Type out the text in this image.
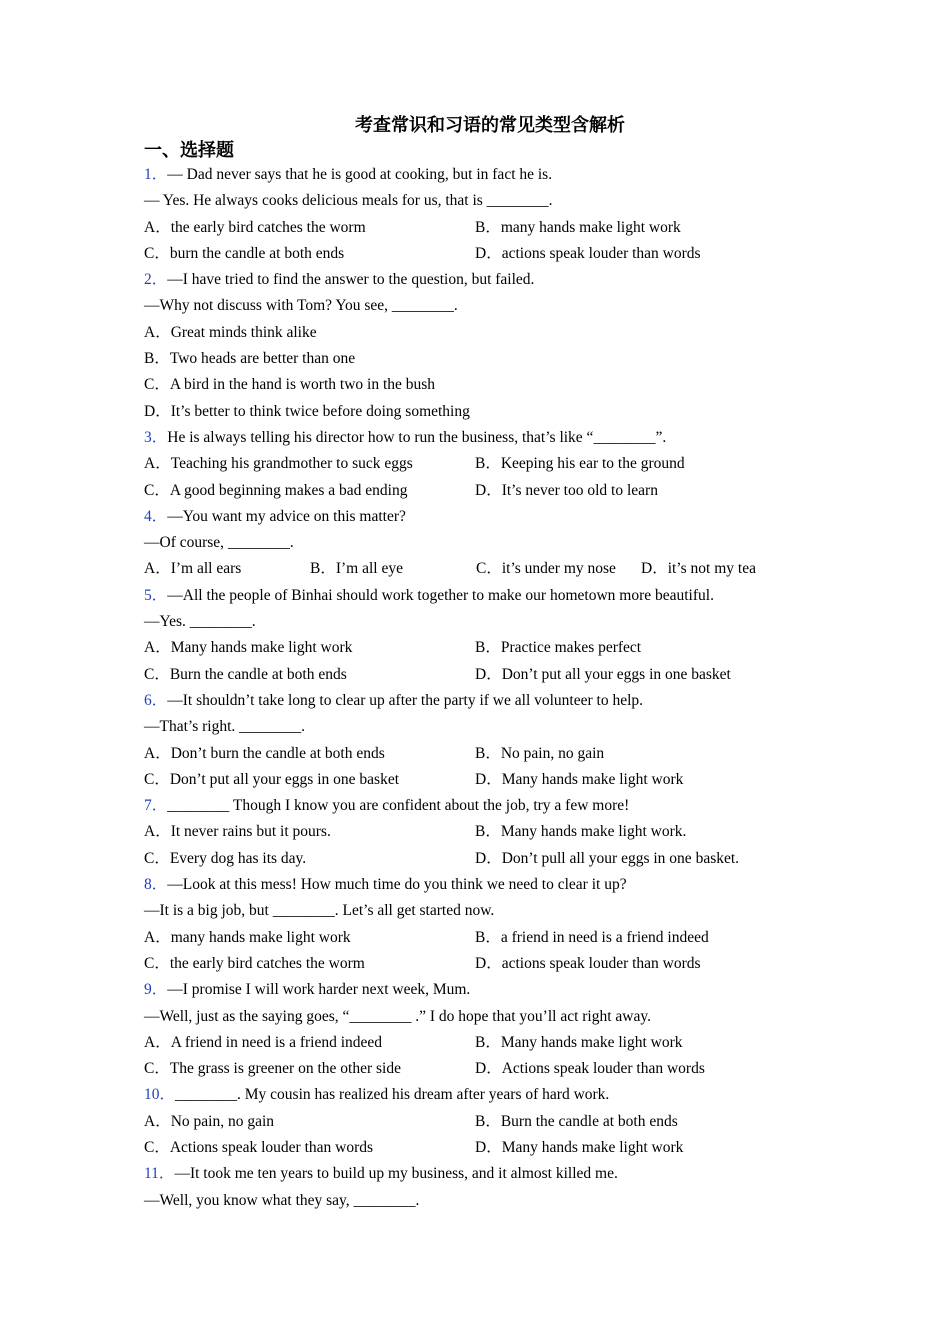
考查常识和习语的常见类型含解析
一、选择题
1．— Dad never says that he is good at cooking, but in fact he is.
— Yes. He always cooks delicious meals for us, that is ________.
A．the early bird catches the worm	B．many hands make light work
C．burn the candle at both ends	D．actions speak louder than words
2．—I have tried to find the answer to the question, but failed.
—Why not discuss with Tom? You see, ________.
A．Great minds think alike
B．Two heads are better than one
C．A bird in the hand is worth two in the bush
D．It’s better to think twice before doing something
3．He is always telling his director how to run the business, that’s like “________”.
A．Teaching his grandmother to suck eggs	B．Keeping his ear to the ground
C．A good beginning makes a bad ending	D．It’s never too old to learn
4．—You want my advice on this matter?
—Of course, ________.
A．I’m all ears	B．I’m all eye	C．it’s under my nose	D．it’s not my tea
5．—All the people of Binhai should work together to make our hometown more beautiful.
—Yes. ________.
A．Many hands make light work	B．Practice makes perfect
C．Burn the candle at both ends	D．Don’t put all your eggs in one basket
6．—It shouldn’t take long to clear up after the party if we all volunteer to help.
—That’s right. ________.
A．Don’t burn the candle at both ends	B．No pain, no gain
C．Don’t put all your eggs in one basket	D．Many hands make light work
7．________ Though I know you are confident about the job, try a few more!
A．It never rains but it pours.	B．Many hands make light work.
C．Every dog has its day.	D．Don’t pull all your eggs in one basket.
8．—Look at this mess! How much time do you think we need to clear it up?
—It is a big job, but ________. Let’s all get started now.
A．many hands make light work	B．a friend in need is a friend indeed
C．the early bird catches the worm	D．actions speak louder than words
9．—I promise I will work harder next week, Mum.
—Well, just as the saying goes, “________ .” I do hope that you’ll act right away.
A．A friend in need is a friend indeed	B．Many hands make light work
C．The grass is greener on the other side	D．Actions speak louder than words
10．________. My cousin has realized his dream after years of hard work.
A．No pain, no gain	B．Burn the candle at both ends
C．Actions speak louder than words	D．Many hands make light work
11．—It took me ten years to build up my business, and it almost killed me.
—Well, you know what they say, ________.
